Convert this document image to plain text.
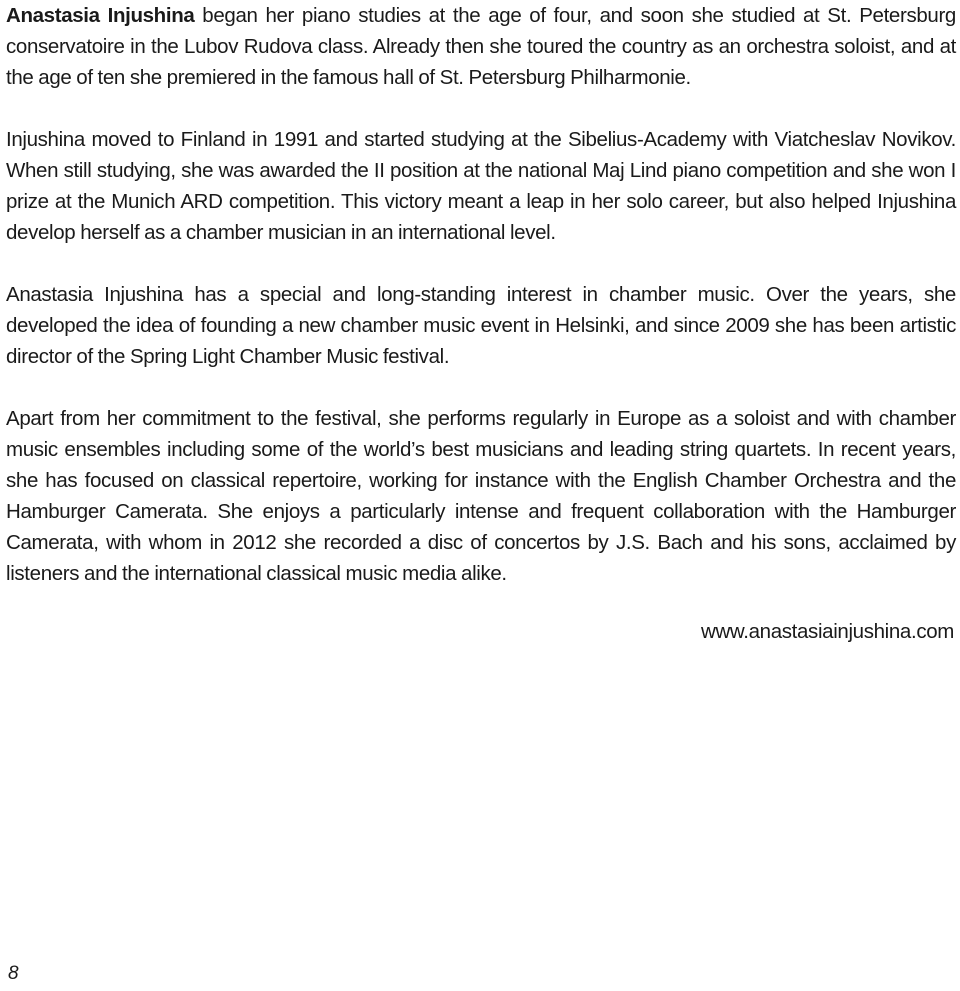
Anastasia Injushina began her piano studies at the age of four, and soon she studied at St. Petersburg conservatoire in the Lubov Rudova class. Already then she toured the country as an orchestra soloist, and at the age of ten she premiered in the famous hall of St. Petersburg Philharmonie.

Injushina moved to Finland in 1991 and started studying at the Sibelius-Academy with Viatcheslav Novikov. When still studying, she was awarded the II position at the national Maj Lind piano competition and she won I prize at the Munich ARD competition. This victory meant a leap in her solo career, but also helped Injushina develop herself as a chamber musician in an international level.

Anastasia Injushina has a special and long-standing interest in chamber music. Over the years, she developed the idea of founding a new chamber music event in Helsinki, and since 2009 she has been artistic director of the Spring Light Chamber Music festival.

Apart from her commitment to the festival, she performs regularly in Europe as a soloist and with chamber music ensembles including some of the world’s best musicians and leading string quartets. In recent years, she has focused on classical repertoire, working for instance with the English Chamber Orchestra and the Hamburger Camerata. She enjoys a particularly intense and frequent collaboration with the Hamburger Camerata, with whom in 2012 she recorded a disc of concertos by J.S. Bach and his sons, acclaimed by listeners and the international classical music media alike.

www.anastasiainjushina.com

8
